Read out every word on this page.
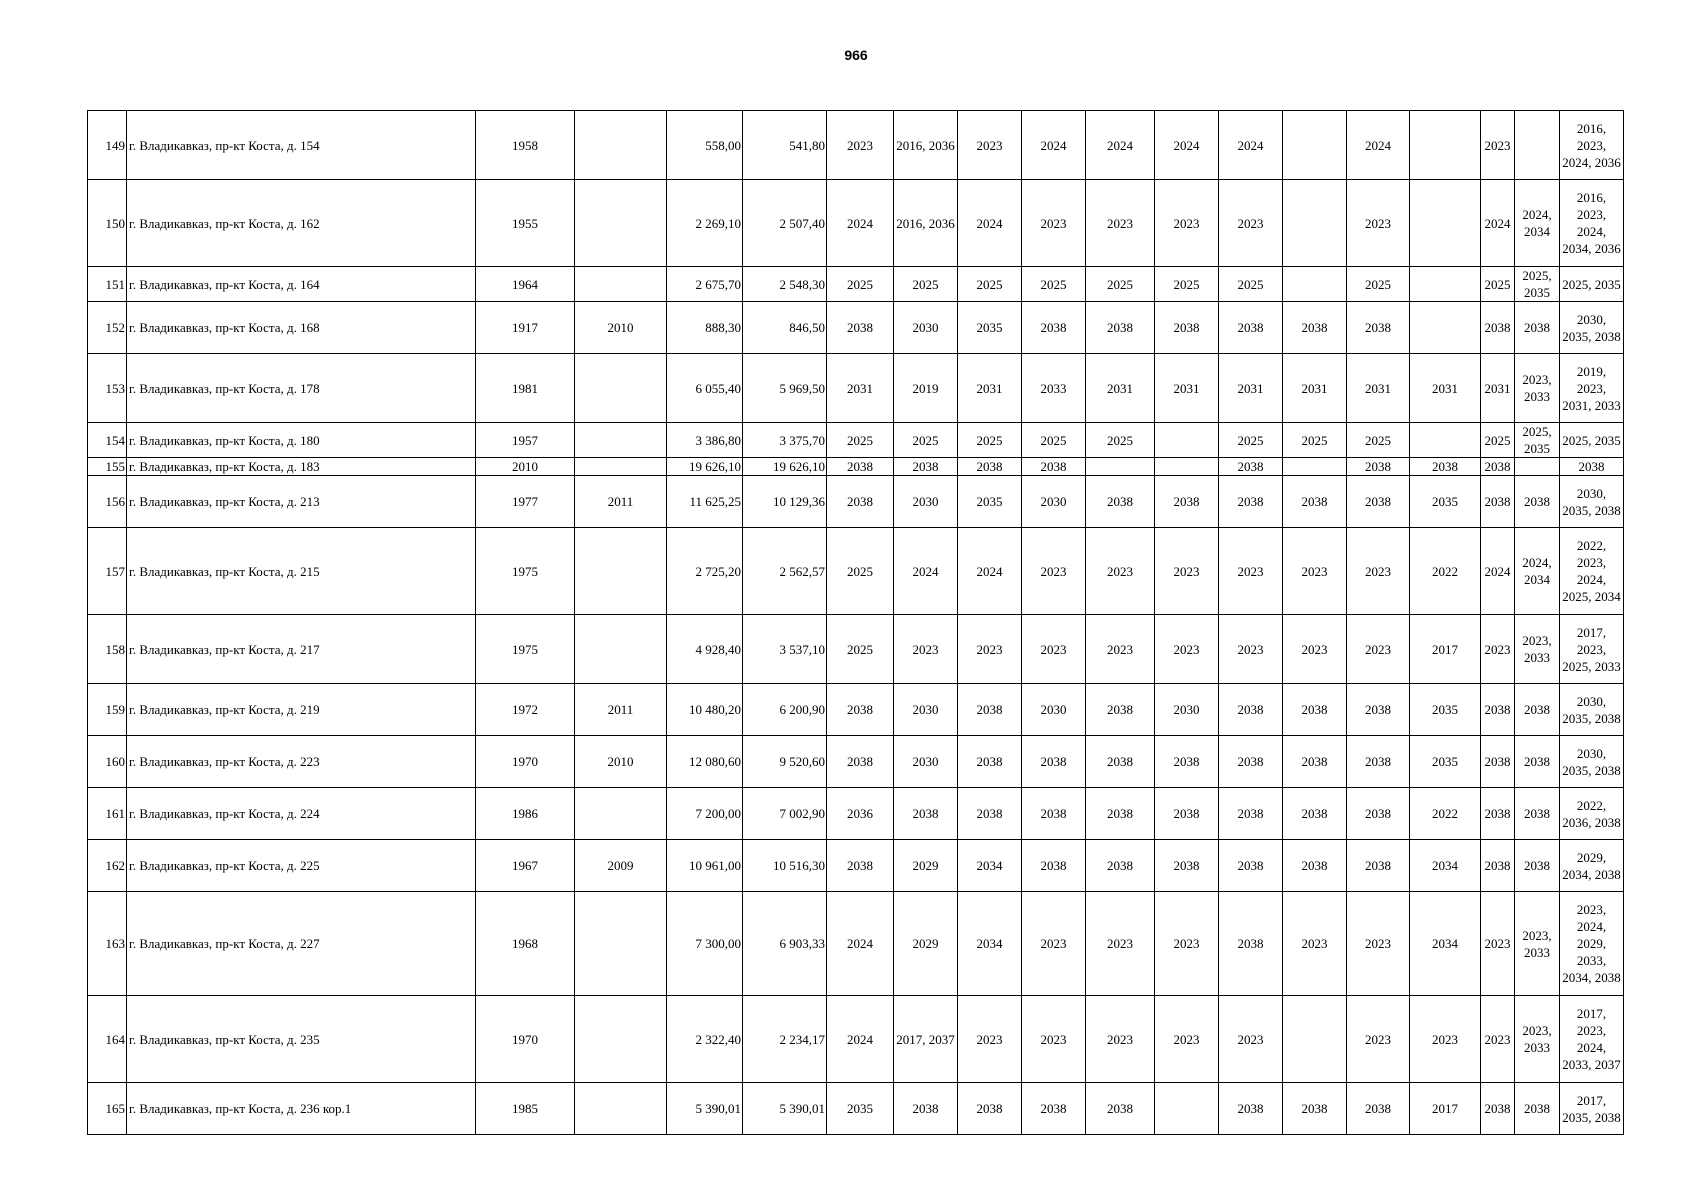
966
149	г. Владикавказ, пр-кт Коста, д. 154	1958		558,00	541,80	2023	2016, 2036	2023	2024	2024	2024	2024		2024		2023		2016, 2023, 2024, 2036
150	г. Владикавказ, пр-кт Коста, д. 162	1955		2 269,10	2 507,40	2024	2016, 2036	2024	2023	2023	2023	2023		2023		2024	2024, 2034	2016, 2023, 2024, 2034, 2036
151	г. Владикавказ, пр-кт Коста, д. 164	1964		2 675,70	2 548,30	2025	2025	2025	2025	2025	2025	2025		2025		2025	2025, 2035	2025, 2035
152	г. Владикавказ, пр-кт Коста, д. 168	1917	2010	888,30	846,50	2038	2030	2035	2038	2038	2038	2038	2038	2038		2038	2038	2030, 2035, 2038
153	г. Владикавказ, пр-кт Коста, д. 178	1981		6 055,40	5 969,50	2031	2019	2031	2033	2031	2031	2031	2031	2031	2031	2031	2023, 2033	2019, 2023, 2031, 2033
154	г. Владикавказ, пр-кт Коста, д. 180	1957		3 386,80	3 375,70	2025	2025	2025	2025	2025		2025	2025	2025		2025	2025, 2035	2025, 2035
155	г. Владикавказ, пр-кт Коста, д. 183	2010		19 626,10	19 626,10	2038	2038	2038	2038			2038		2038	2038	2038		2038
156	г. Владикавказ, пр-кт Коста, д. 213	1977	2011	11 625,25	10 129,36	2038	2030	2035	2030	2038	2038	2038	2038	2038	2035	2038	2038	2030, 2035, 2038
157	г. Владикавказ, пр-кт Коста, д. 215	1975		2 725,20	2 562,57	2025	2024	2024	2023	2023	2023	2023	2023	2023	2022	2024	2024, 2034	2022, 2023, 2024, 2025, 2034
158	г. Владикавказ, пр-кт Коста, д. 217	1975		4 928,40	3 537,10	2025	2023	2023	2023	2023	2023	2023	2023	2023	2017	2023	2023, 2033	2017, 2023, 2025, 2033
159	г. Владикавказ, пр-кт Коста, д. 219	1972	2011	10 480,20	6 200,90	2038	2030	2038	2030	2038	2030	2038	2038	2038	2035	2038	2038	2030, 2035, 2038
160	г. Владикавказ, пр-кт Коста, д. 223	1970	2010	12 080,60	9 520,60	2038	2030	2038	2038	2038	2038	2038	2038	2038	2035	2038	2038	2030, 2035, 2038
161	г. Владикавказ, пр-кт Коста, д. 224	1986		7 200,00	7 002,90	2036	2038	2038	2038	2038	2038	2038	2038	2038	2022	2038	2038	2022, 2036, 2038
162	г. Владикавказ, пр-кт Коста, д. 225	1967	2009	10 961,00	10 516,30	2038	2029	2034	2038	2038	2038	2038	2038	2038	2034	2038	2038	2029, 2034, 2038
163	г. Владикавказ, пр-кт Коста, д. 227	1968		7 300,00	6 903,33	2024	2029	2034	2023	2023	2023	2038	2023	2023	2034	2023	2023, 2033	2023, 2024, 2029, 2033, 2034, 2038
164	г. Владикавказ, пр-кт Коста, д. 235	1970		2 322,40	2 234,17	2024	2017, 2037	2023	2023	2023	2023	2023		2023	2023	2023	2023, 2033	2017, 2023, 2024, 2033, 2037
165	г. Владикавказ, пр-кт Коста, д. 236 кор.1	1985		5 390,01	5 390,01	2035	2038	2038	2038	2038		2038	2038	2038	2017	2038	2038	2017, 2035, 2038
